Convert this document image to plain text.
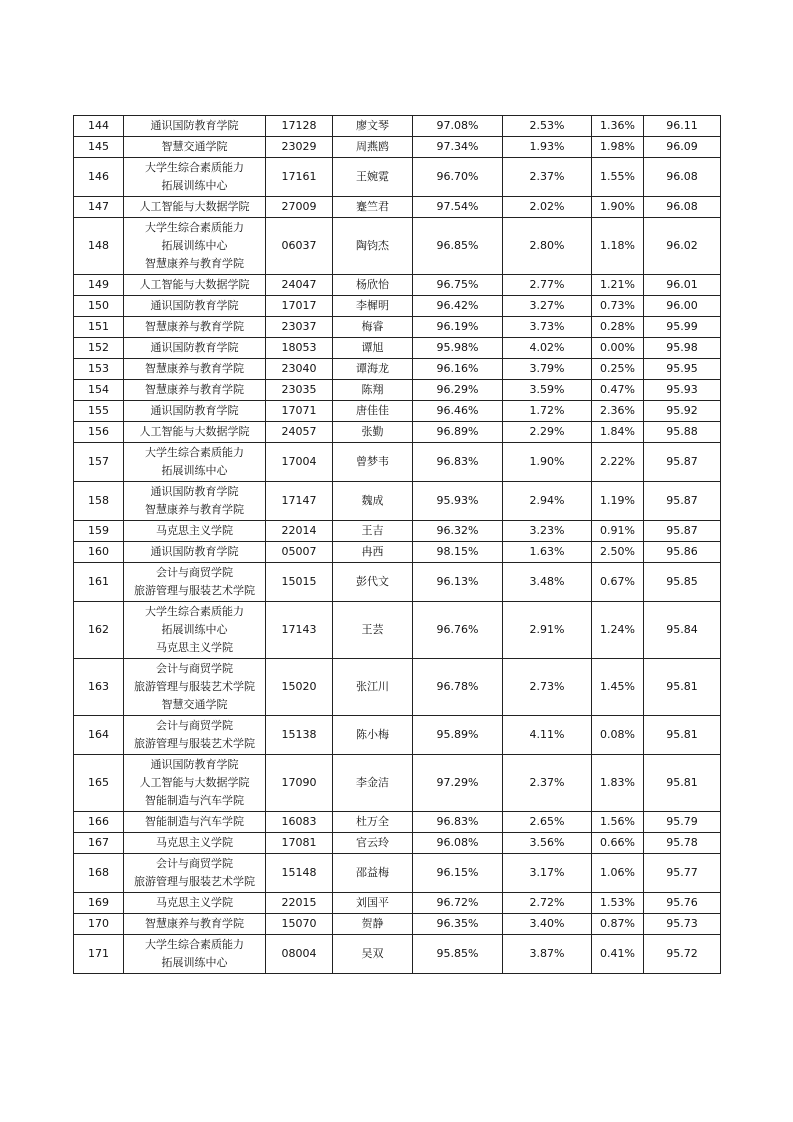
144	通识国防教育学院	17128	廖文琴	97.08%	2.53%	1.36%	96.11
145	智慧交通学院	23029	周燕鸥	97.34%	1.93%	1.98%	96.09
146	大学生综合素质能力
拓展训练中心	17161	王婉霓	96.70%	2.37%	1.55%	96.08
147	人工智能与大数据学院	27009	蹇竺君	97.54%	2.02%	1.90%	96.08
148	大学生综合素质能力
拓展训练中心
智慧康养与教育学院	06037	陶钧杰	96.85%	2.80%	1.18%	96.02
149	人工智能与大数据学院	24047	杨欣怡	96.75%	2.77%	1.21%	96.01
150	通识国防教育学院	17017	李樨明	96.42%	3.27%	0.73%	96.00
151	智慧康养与教育学院	23037	梅睿	96.19%	3.73%	0.28%	95.99
152	通识国防教育学院	18053	谭旭	95.98%	4.02%	0.00%	95.98
153	智慧康养与教育学院	23040	谭海龙	96.16%	3.79%	0.25%	95.95
154	智慧康养与教育学院	23035	陈翔	96.29%	3.59%	0.47%	95.93
155	通识国防教育学院	17071	唐佳佳	96.46%	1.72%	2.36%	95.92
156	人工智能与大数据学院	24057	张勤	96.89%	2.29%	1.84%	95.88
157	大学生综合素质能力
拓展训练中心	17004	曾梦韦	96.83%	1.90%	2.22%	95.87
158	通识国防教育学院
智慧康养与教育学院	17147	魏成	95.93%	2.94%	1.19%	95.87
159	马克思主义学院	22014	王吉	96.32%	3.23%	0.91%	95.87
160	通识国防教育学院	05007	冉西	98.15%	1.63%	2.50%	95.86
161	会计与商贸学院
旅游管理与服装艺术学院	15015	彭代文	96.13%	3.48%	0.67%	95.85
162	大学生综合素质能力
拓展训练中心
马克思主义学院	17143	王芸	96.76%	2.91%	1.24%	95.84
163	会计与商贸学院
旅游管理与服装艺术学院
智慧交通学院	15020	张江川	96.78%	2.73%	1.45%	95.81
164	会计与商贸学院
旅游管理与服装艺术学院	15138	陈小梅	95.89%	4.11%	0.08%	95.81
165	通识国防教育学院
人工智能与大数据学院
智能制造与汽车学院	17090	李金洁	97.29%	2.37%	1.83%	95.81
166	智能制造与汽车学院	16083	杜万全	96.83%	2.65%	1.56%	95.79
167	马克思主义学院	17081	官云玲	96.08%	3.56%	0.66%	95.78
168	会计与商贸学院
旅游管理与服装艺术学院	15148	邵益梅	96.15%	3.17%	1.06%	95.77
169	马克思主义学院	22015	刘国平	96.72%	2.72%	1.53%	95.76
170	智慧康养与教育学院	15070	贺静	96.35%	3.40%	0.87%	95.73
171	大学生综合素质能力
拓展训练中心	08004	吴双	95.85%	3.87%	0.41%	95.72
